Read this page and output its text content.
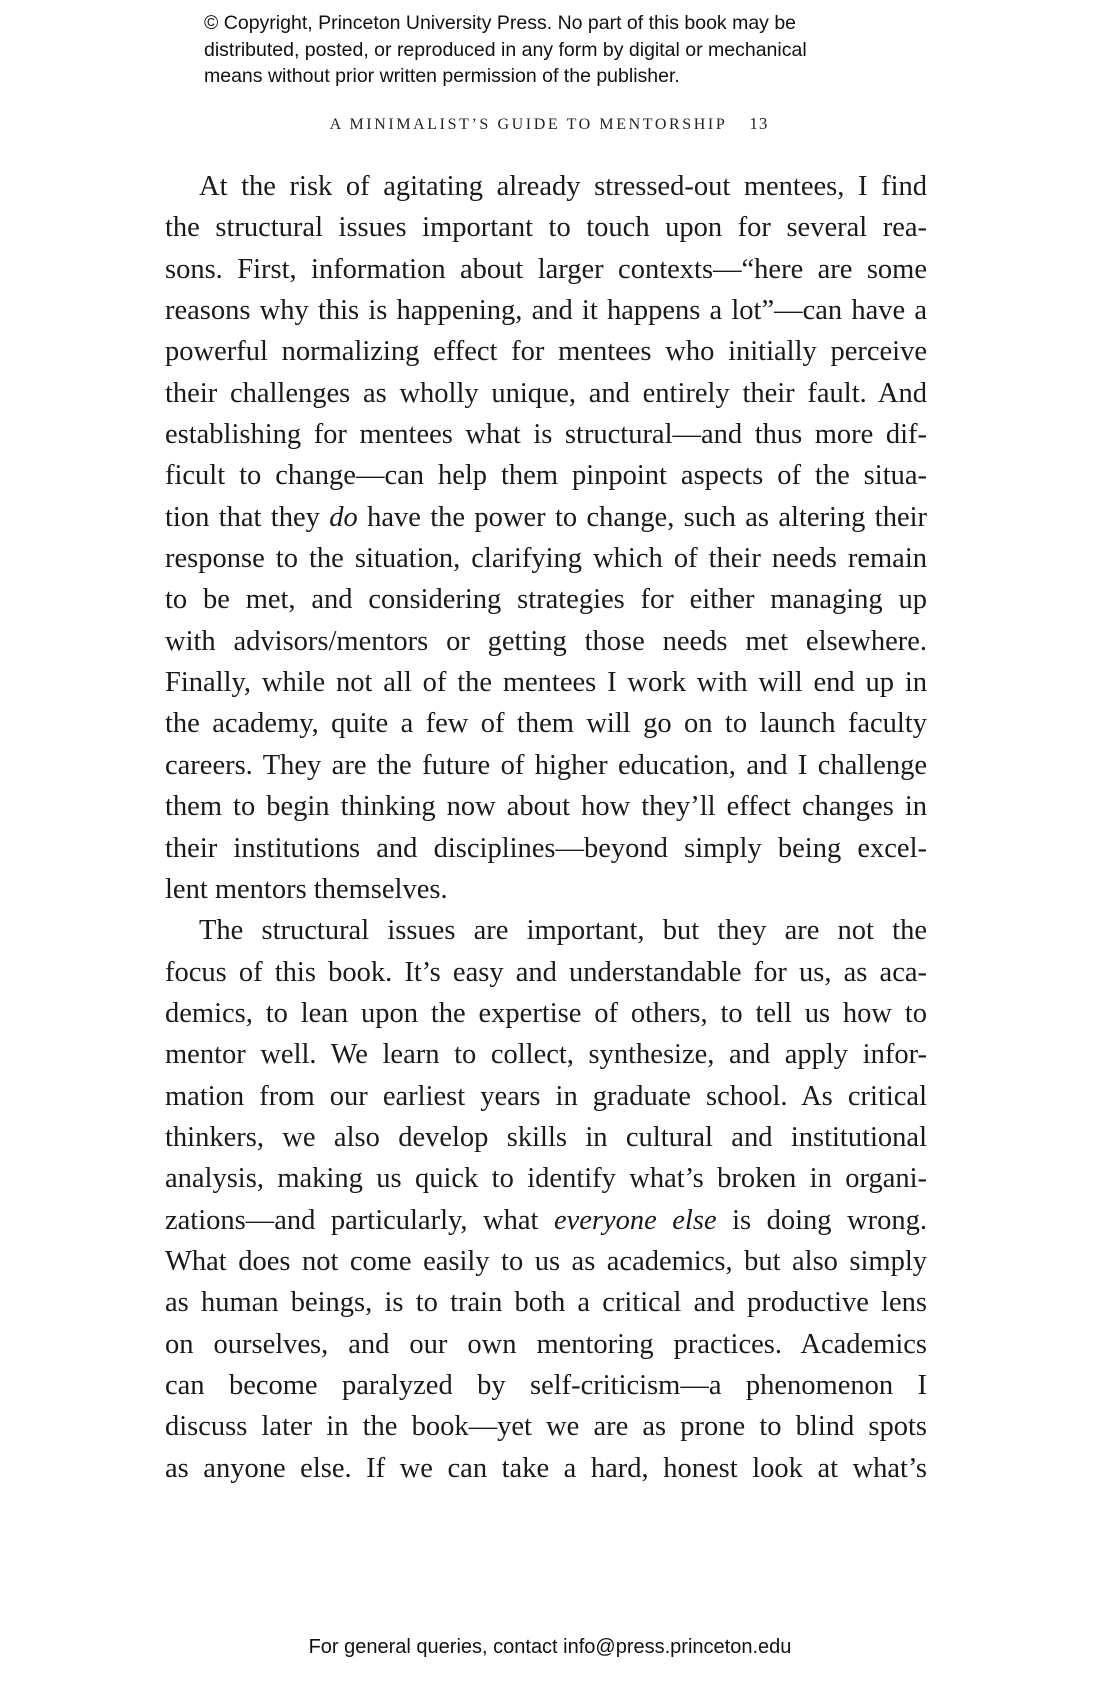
© Copyright, Princeton University Press. No part of this book may be
distributed, posted, or reproduced in any form by digital or mechanical
means without prior written permission of the publisher.
A MINIMALIST’S GUIDE TO MENTORSHIP 13
At the risk of agitating already stressed-out mentees, I find
the structural issues important to touch upon for several rea-
sons. First, information about larger contexts—“here are some
reasons why this is happening, and it happens a lot”—can have a
powerful normalizing effect for mentees who initially perceive
their challenges as wholly unique, and entirely their fault. And
establishing for mentees what is structural—and thus more dif-
ficult to change—can help them pinpoint aspects of the situa-
tion that they do have the power to change, such as altering their
response to the situation, clarifying which of their needs remain
to be met, and considering strategies for either managing up
with advisors/mentors or getting those needs met elsewhere.
Finally, while not all of the mentees I work with will end up in
the academy, quite a few of them will go on to launch faculty
careers. They are the future of higher education, and I challenge
them to begin thinking now about how they’ll effect changes in
their institutions and disciplines—beyond simply being excel-
lent mentors themselves.
The structural issues are important, but they are not the
focus of this book. It’s easy and understandable for us, as aca-
demics, to lean upon the expertise of others, to tell us how to
mentor well. We learn to collect, synthesize, and apply infor-
mation from our earliest years in graduate school. As critical
thinkers, we also develop skills in cultural and institutional
analysis, making us quick to identify what’s broken in organi-
zations—and particularly, what everyone else is doing wrong.
What does not come easily to us as academics, but also simply
as human beings, is to train both a critical and productive lens
on ourselves, and our own mentoring practices. Academics
can become paralyzed by self-criticism—a phenomenon I
discuss later in the book—yet we are as prone to blind spots
as anyone else. If we can take a hard, honest look at what’s
For general queries, contact info@press.princeton.edu
